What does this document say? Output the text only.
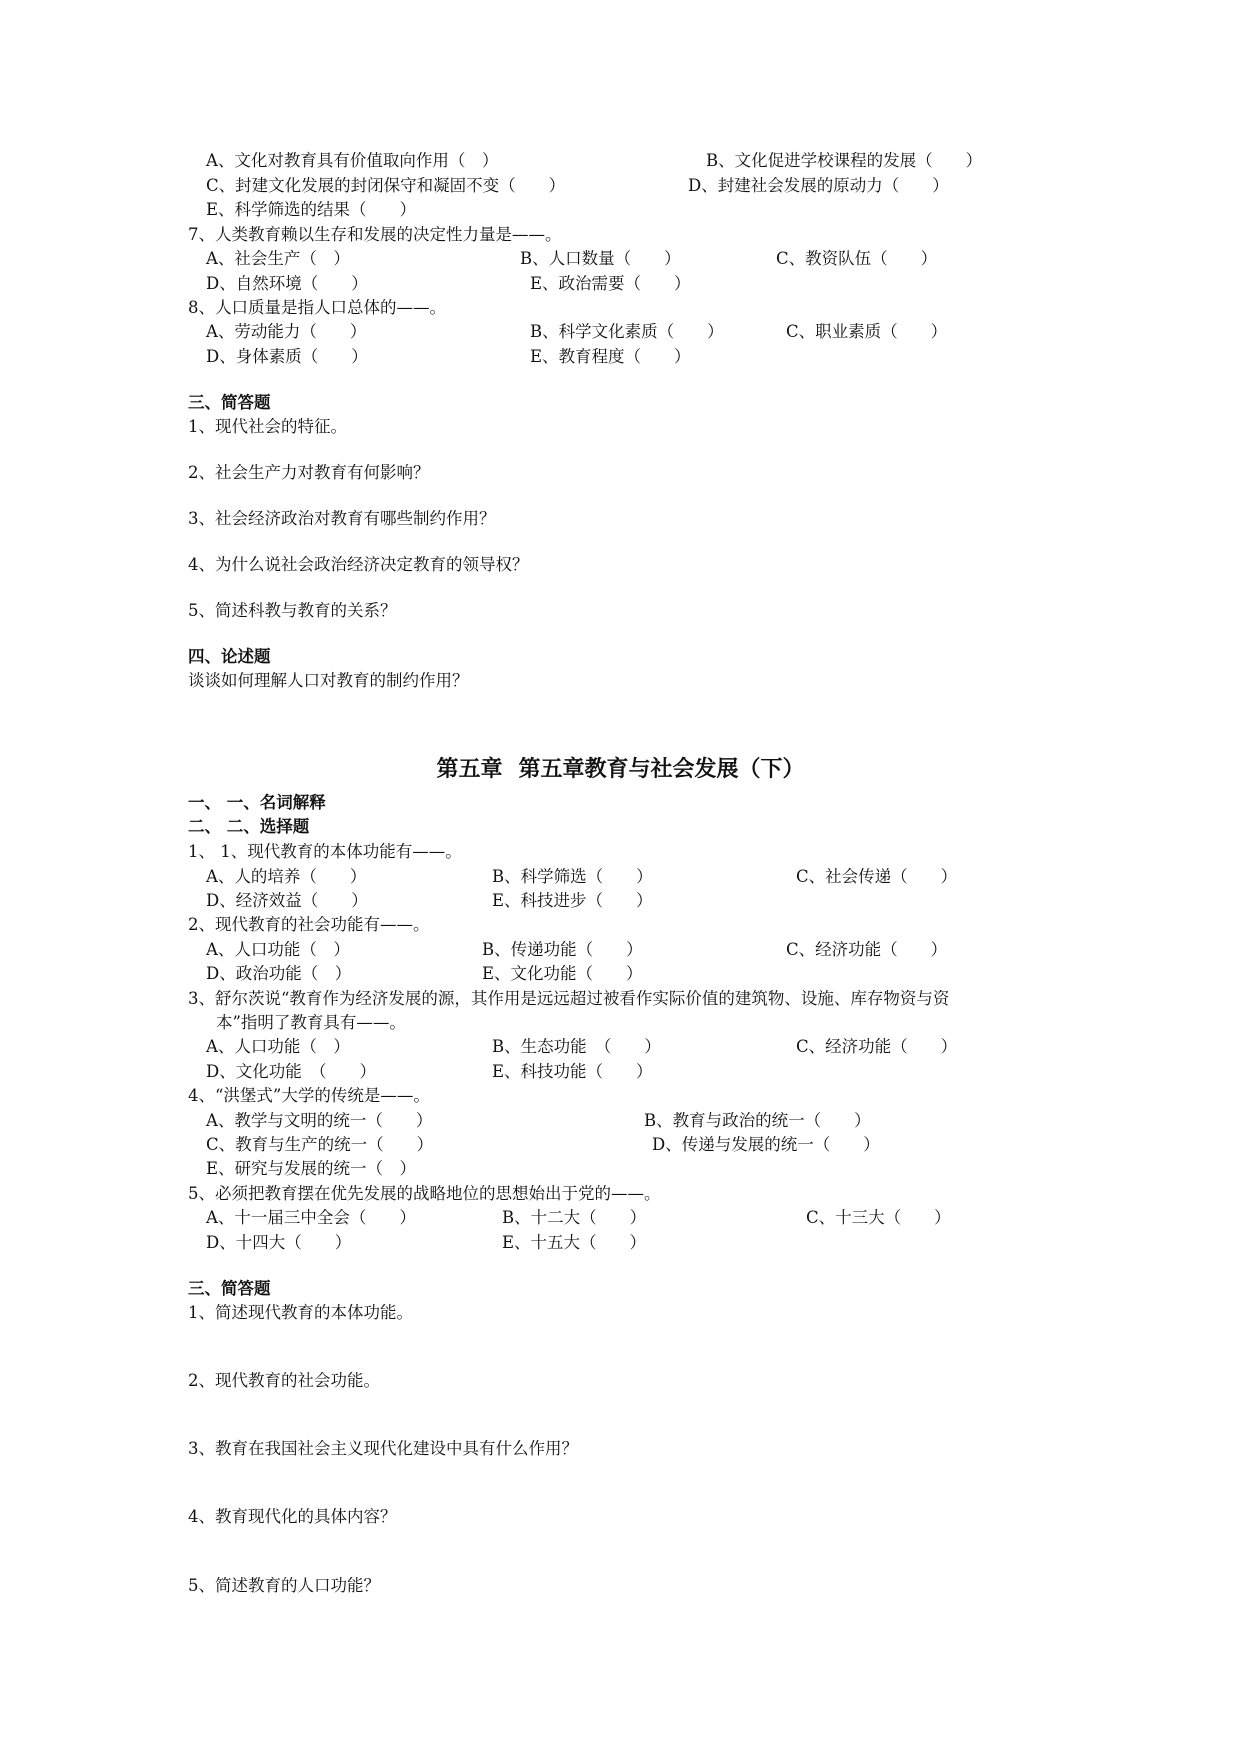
A、文化对教育具有价值取向作用（　）	B、文化促进学校课程的发展（　　）
C、封建文化发展的封闭保守和凝固不变（　　）	D、封建社会发展的原动力（　　）
E、科学筛选的结果（　　）
7、人类教育赖以生存和发展的决定性力量是——。
A、社会生产（　）	B、人口数量（　　）	C、教资队伍（　　）
D、自然环境（　　）	E、政治需要（　　）
8、人口质量是指人口总体的——。
A、劳动能力（　　）	B、科学文化素质（　　）	C、职业素质（　　）
D、身体素质（　　）	E、教育程度（　　）
三、简答题
1、现代社会的特征。
2、社会生产力对教育有何影响？
3、社会经济政治对教育有哪些制约作用？
4、为什么说社会政治经济决定教育的领导权？
5、简述科教与教育的关系？
四、论述题
谈谈如何理解人口对教育的制约作用？
第五章 第五章教育与社会发展（下）
一、 一、名词解释
二、 二、选择题
1、 1、现代教育的本体功能有——。
A、人的培养（　　）	B、科学筛选（　　）	C、社会传递（　　）
D、经济效益（　　）	E、科技进步（　　）
2、现代教育的社会功能有——。
A、人口功能（　）	B、传递功能（　　）	C、经济功能（　　）
D、政治功能（　）	E、文化功能（　　）
3、舒尔茨说“教育作为经济发展的源，其作用是远远超过被看作实际价值的建筑物、设施、库存物资与资
本”指明了教育具有——。
A、人口功能（　）	B、生态功能　（　　）	C、经济功能（　　）
D、文化功能　（　　）	E、科技功能（　　）
4、“洪堡式”大学的传统是——。
A、教学与文明的统一（　　）	B、教育与政治的统一（　　）
C、教育与生产的统一（　　）	D、传递与发展的统一（　　）
E、研究与发展的统一（　）
5、必须把教育摆在优先发展的战略地位的思想始出于党的——。
A、十一届三中全会（　　）	B、十二大（　　）	C、十三大（　　）
D、十四大（　　）	E、十五大（　　）
三、简答题
1、简述现代教育的本体功能。
2、现代教育的社会功能。
3、教育在我国社会主义现代化建设中具有什么作用？
4、教育现代化的具体内容？
5、简述教育的人口功能？
